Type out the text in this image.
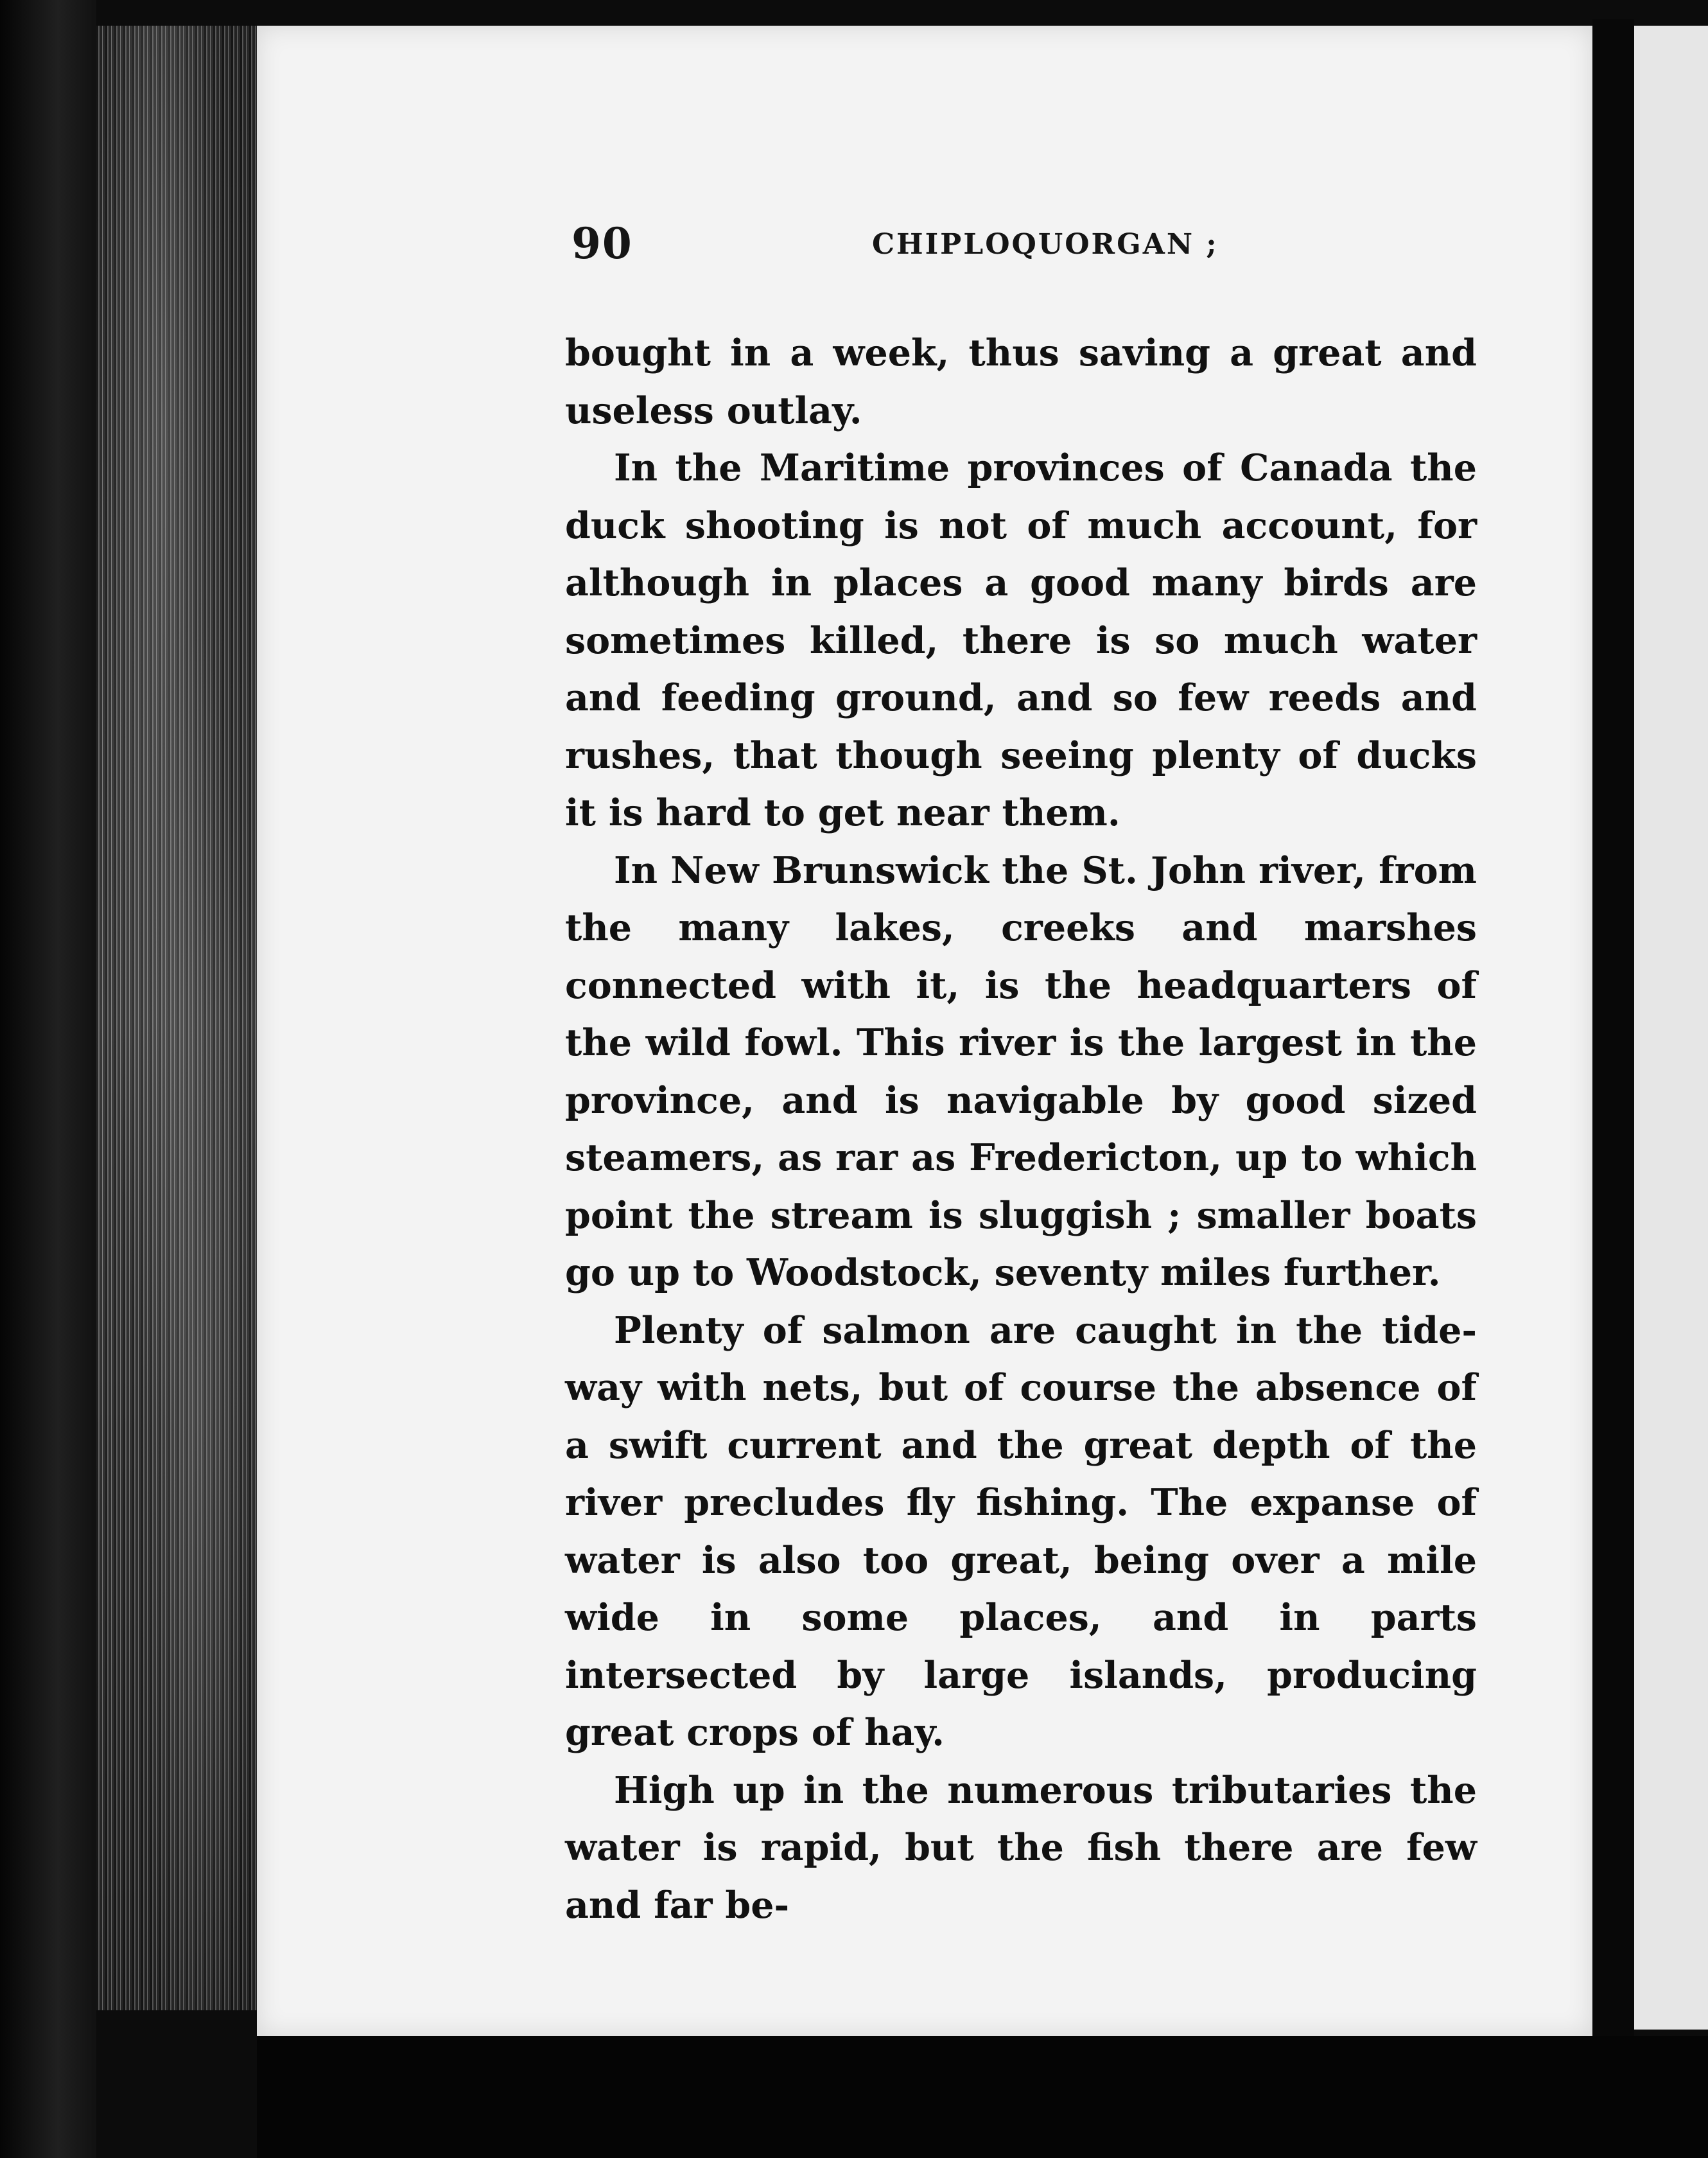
90	CHIPLOQUORGAN ;

bought in a week, thus saving a great and useless outlay.

In the Maritime provinces of Canada the duck shooting is not of much account, for although in places a good many birds are sometimes killed, there is so much water and feeding ground, and so few reeds and rushes, that though seeing plenty of ducks it is hard to get near them.

In New Brunswick the St. John river, from the many lakes, creeks and marshes connected with it, is the headquarters of the wild fowl. This river is the largest in the province, and is navigable by good sized steamers, as rar as Fredericton, up to which point the stream is sluggish ; smaller boats go up to Woodstock, seventy miles further.

Plenty of salmon are caught in the tide-way with nets, but of course the absence of a swift current and the great depth of the river precludes fly fishing. The expanse of water is also too great, being over a mile wide in some places, and in parts intersected by large islands, producing great crops of hay.

High up in the numerous tributaries the water is rapid, but the fish there are few and far be-
